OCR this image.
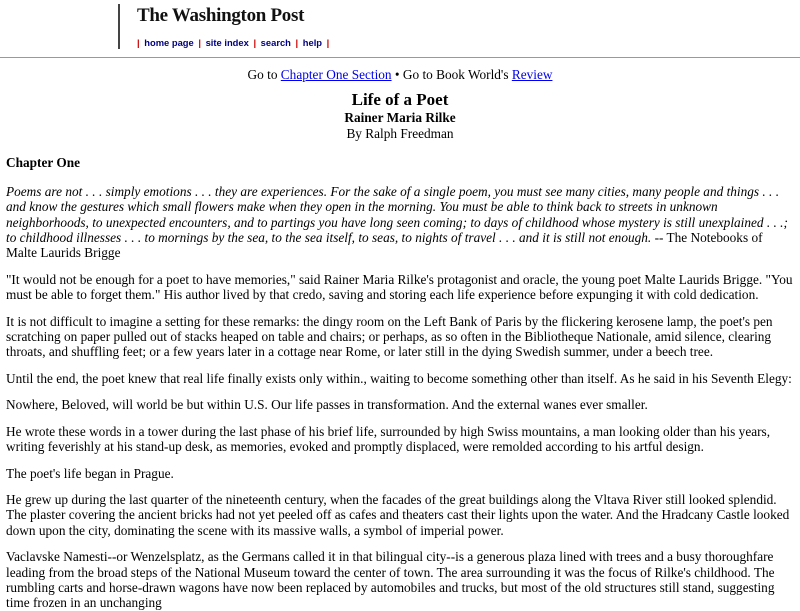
The Washington Post
| home page | site index | search | help |
Go to Chapter One Section • Go to Book World's Review
Life of a Poet
Rainer Maria Rilke
By Ralph Freedman
Chapter One

Poems are not . . . simply emotions . . . they are experiences. For the sake of a single poem, you must see many cities, many people and things . . . and know the gestures which small flowers make when they open in the morning. You must be able to think back to streets in unknown neighborhoods, to unexpected encounters, and to partings you have long seen coming; to days of childhood whose mystery is still unexplained . . .; to childhood illnesses . . . to mornings by the sea, to the sea itself, to seas, to nights of travel . . . and it is still not enough. -- The Notebooks of Malte Laurids Brigge

"It would not be enough for a poet to have memories," said Rainer Maria Rilke's protagonist and oracle, the young poet Malte Laurids Brigge. "You must be able to forget them." His author lived by that credo, saving and storing each life experience before expunging it with cold dedication.

It is not difficult to imagine a setting for these remarks: the dingy room on the Left Bank of Paris by the flickering kerosene lamp, the poet's pen scratching on paper pulled out of stacks heaped on table and chairs; or perhaps, as so often in the Bibliotheque Nationale, amid silence, clearing throats, and shuffling feet; or a few years later in a cottage near Rome, or later still in the dying Swedish summer, under a beech tree.

Until the end, the poet knew that real life finally exists only within., waiting to become something other than itself. As he said in his Seventh Elegy:

Nowhere, Beloved, will world be but within U.S. Our life passes in transformation. And the external wanes ever smaller.

He wrote these words in a tower during the last phase of his brief life, surrounded by high Swiss mountains, a man looking older than his years, writing feverishly at his stand-up desk, as memories, evoked and promptly displaced, were remolded according to his artful design.

The poet's life began in Prague.

He grew up during the last quarter of the nineteenth century, when the facades of the great buildings along the Vltava River still looked splendid. The plaster covering the ancient bricks had not yet peeled off as cafes and theaters cast their lights upon the water. And the Hradcany Castle looked down upon the city, dominating the scene with its massive walls, a symbol of imperial power.

Vaclavske Namesti--or Wenzelsplatz, as the Germans called it in that bilingual city--is a generous plaza lined with trees and a busy thoroughfare leading from the broad steps of the National Museum toward the center of town. The area surrounding it was the focus of Rilke's childhood. The rumbling carts and horse-drawn wagons have now been replaced by automobiles and trucks, but most of the old structures still stand, suggesting time frozen in an unchanging
